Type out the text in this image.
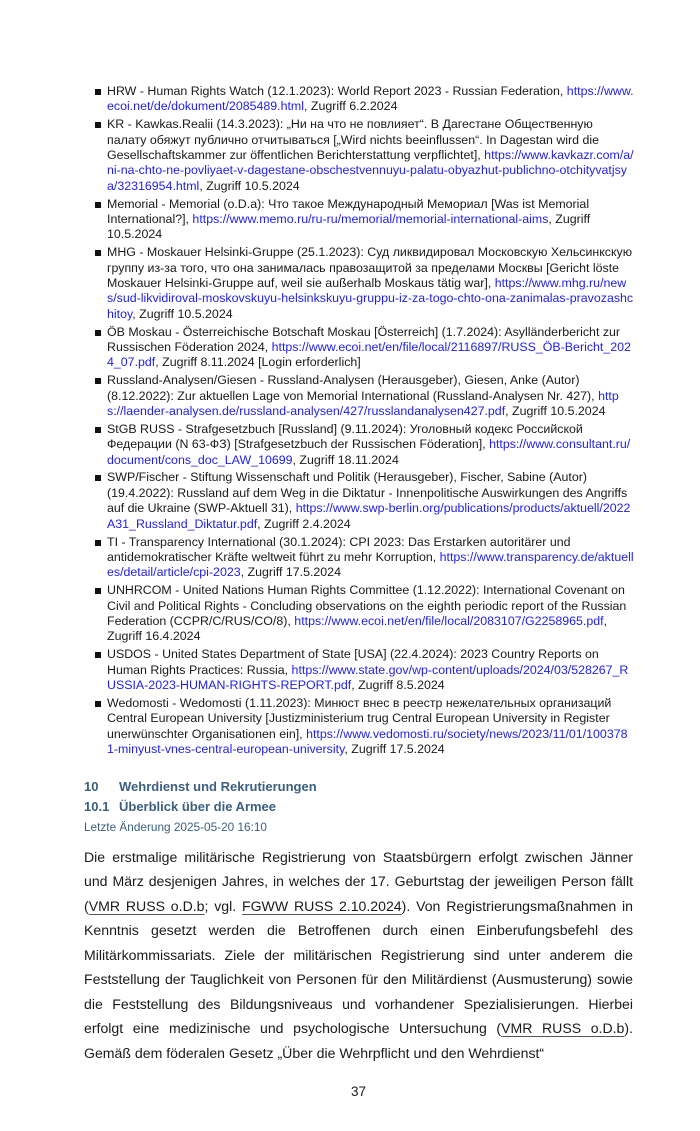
HRW - Human Rights Watch (12.1.2023): World Report 2023 - Russian Federation, https://www.ecoi.net/de/dokument/2085489.html, Zugriff 6.2.2024
KR - Kawkas.Realii (14.3.2023): „Ни на что не повлияет“. В Дагестане Общественную палату обяжут публично отчитываться [„Wird nichts beeinflussen“. In Dagestan wird die Gesellschaftskammer zur öffentlichen Berichterstattung verpflichtet], https://www.kavkazr.com/a/ni-na-chto-ne-povliyaet-v-dagestane-obschestvennuyu-palatu-obyazhut-publichno-otchityvatjsya/32316954.html, Zugriff 10.5.2024
Memorial - Memorial (o.D.a): Что такое Международный Мемориал [Was ist Memorial International?], https://www.memo.ru/ru-ru/memorial/memorial-international-aims, Zugriff 10.5.2024
MHG - Moskauer Helsinki-Gruppe (25.1.2023): Суд ликвидировал Московскую Хельсинкскую группу из-за того, что она занималась правозащитой за пределами Москвы [Gericht löste Moskauer Helsinki-Gruppe auf, weil sie außerhalb Moskaus tätig war], https://www.mhg.ru/news/sud-likvidiroval-moskovskuyu-helsinkskuyu-gruppu-iz-za-togo-chto-ona-zanimalas-pravozashchitoy, Zugriff 10.5.2024
ÖB Moskau - Österreichische Botschaft Moskau [Österreich] (1.7.2024): Asylländerbericht zur Russischen Föderation 2024, https://www.ecoi.net/en/file/local/2116897/RUSS_ÖB-Bericht_2024_07.pdf, Zugriff 8.11.2024 [Login erforderlich]
Russland-Analysen/Giesen - Russland-Analysen (Herausgeber), Giesen, Anke (Autor) (8.12.2022): Zur aktuellen Lage von Memorial International (Russland-Analysen Nr. 427), https://laender-analysen.de/russland-analysen/427/russlandanalysen427.pdf, Zugriff 10.5.2024
StGB RUSS - Strafgesetzbuch [Russland] (9.11.2024): Уголовный кодекс Российской Федерации (N 63-ФЗ) [Strafgesetzbuch der Russischen Föderation], https://www.consultant.ru/document/cons_doc_LAW_10699, Zugriff 18.11.2024
SWP/Fischer - Stiftung Wissenschaft und Politik (Herausgeber), Fischer, Sabine (Autor) (19.4.2022): Russland auf dem Weg in die Diktatur - Innenpolitische Auswirkungen des Angriffs auf die Ukraine (SWP-Aktuell 31), https://www.swp-berlin.org/publications/products/aktuell/2022A31_Russland_Diktatur.pdf, Zugriff 2.4.2024
TI - Transparency International (30.1.2024): CPI 2023: Das Erstarken autoritärer und antidemokratischer Kräfte weltweit führt zu mehr Korruption, https://www.transparency.de/aktuelles/detail/article/cpi-2023, Zugriff 17.5.2024
UNHRCOM - United Nations Human Rights Committee (1.12.2022): International Covenant on Civil and Political Rights - Concluding observations on the eighth periodic report of the Russian Federation (CCPR/C/RUS/CO/8), https://www.ecoi.net/en/file/local/2083107/G2258965.pdf, Zugriff 16.4.2024
USDOS - United States Department of State [USA] (22.4.2024): 2023 Country Reports on Human Rights Practices: Russia, https://www.state.gov/wp-content/uploads/2024/03/528267_RUSSIA-2023-HUMAN-RIGHTS-REPORT.pdf, Zugriff 8.5.2024
Wedomosti - Wedomosti (1.11.2023): Минюст внес в реестр нежелательных организаций Central European University [Justizministerium trug Central European University in Register unerwünschter Organisationen ein], https://www.vedomosti.ru/society/news/2023/11/01/1003781-minyust-vnes-central-european-university, Zugriff 17.5.2024
10 Wehrdienst und Rekrutierungen
10.1 Überblick über die Armee
Letzte Änderung 2025-05-20 16:10
Die erstmalige militärische Registrierung von Staatsbürgern erfolgt zwischen Jänner und März desjenigen Jahres, in welches der 17. Geburtstag der jeweiligen Person fällt (VMR RUSS o.D.b; vgl. FGWW RUSS 2.10.2024). Von Registrierungsmaßnahmen in Kenntnis gesetzt werden die Betroffenen durch einen Einberufungsbefehl des Militärkommissariats. Ziele der militärischen Registrierung sind unter anderem die Feststellung der Tauglichkeit von Personen für den Militärdienst (Ausmusterung) sowie die Feststellung des Bildungsniveaus und vorhandener Spezialisierungen. Hierbei erfolgt eine medizinische und psychologische Untersuchung (VMR RUSS o.D.b). Gemäß dem föderalen Gesetz „Über die Wehrpflicht und den Wehrdienst“
37
